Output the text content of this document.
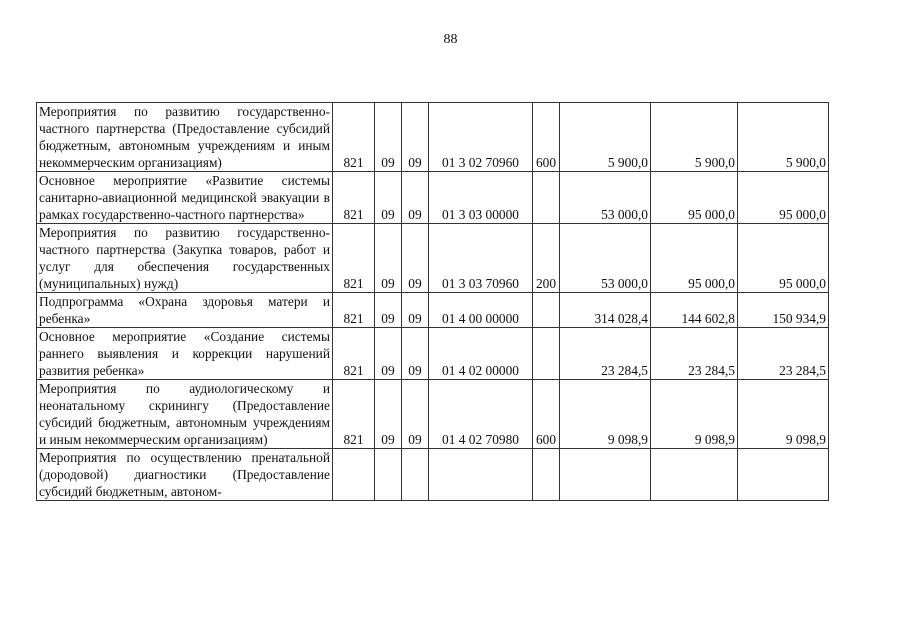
88
Мероприятия по развитию государственно-частного партнерства (Предоставление субсидий бюджетным, автономным учреждениям и иным некоммерческим организациям)	821	09	09	01 3 02 70960	600	5 900,0	5 900,0	5 900,0
Основное мероприятие «Развитие системы санитарно-авиационной медицинской эвакуации в рамках государственно-частного партнерства»	821	09	09	01 3 03 00000		53 000,0	95 000,0	95 000,0
Мероприятия по развитию государственно-частного партнерства (Закупка товаров, работ и услуг для обеспечения государственных (муниципальных) нужд)	821	09	09	01 3 03 70960	200	53 000,0	95 000,0	95 000,0
Подпрограмма «Охрана здоровья матери и ребенка»	821	09	09	01 4 00 00000		314 028,4	144 602,8	150 934,9
Основное мероприятие «Создание системы раннего выявления и коррекции нарушений развития ребенка»	821	09	09	01 4 02 00000		23 284,5	23 284,5	23 284,5
Мероприятия по аудиологическому и неонатальному скринингу (Предоставление субсидий бюджетным, автономным учреждениям и иным некоммерческим организациям)	821	09	09	01 4 02 70980	600	9 098,9	9 098,9	9 098,9
Мероприятия по осуществлению пренатальной (дородовой) диагностики (Предоставление субсидий бюджетным, автоном-								
